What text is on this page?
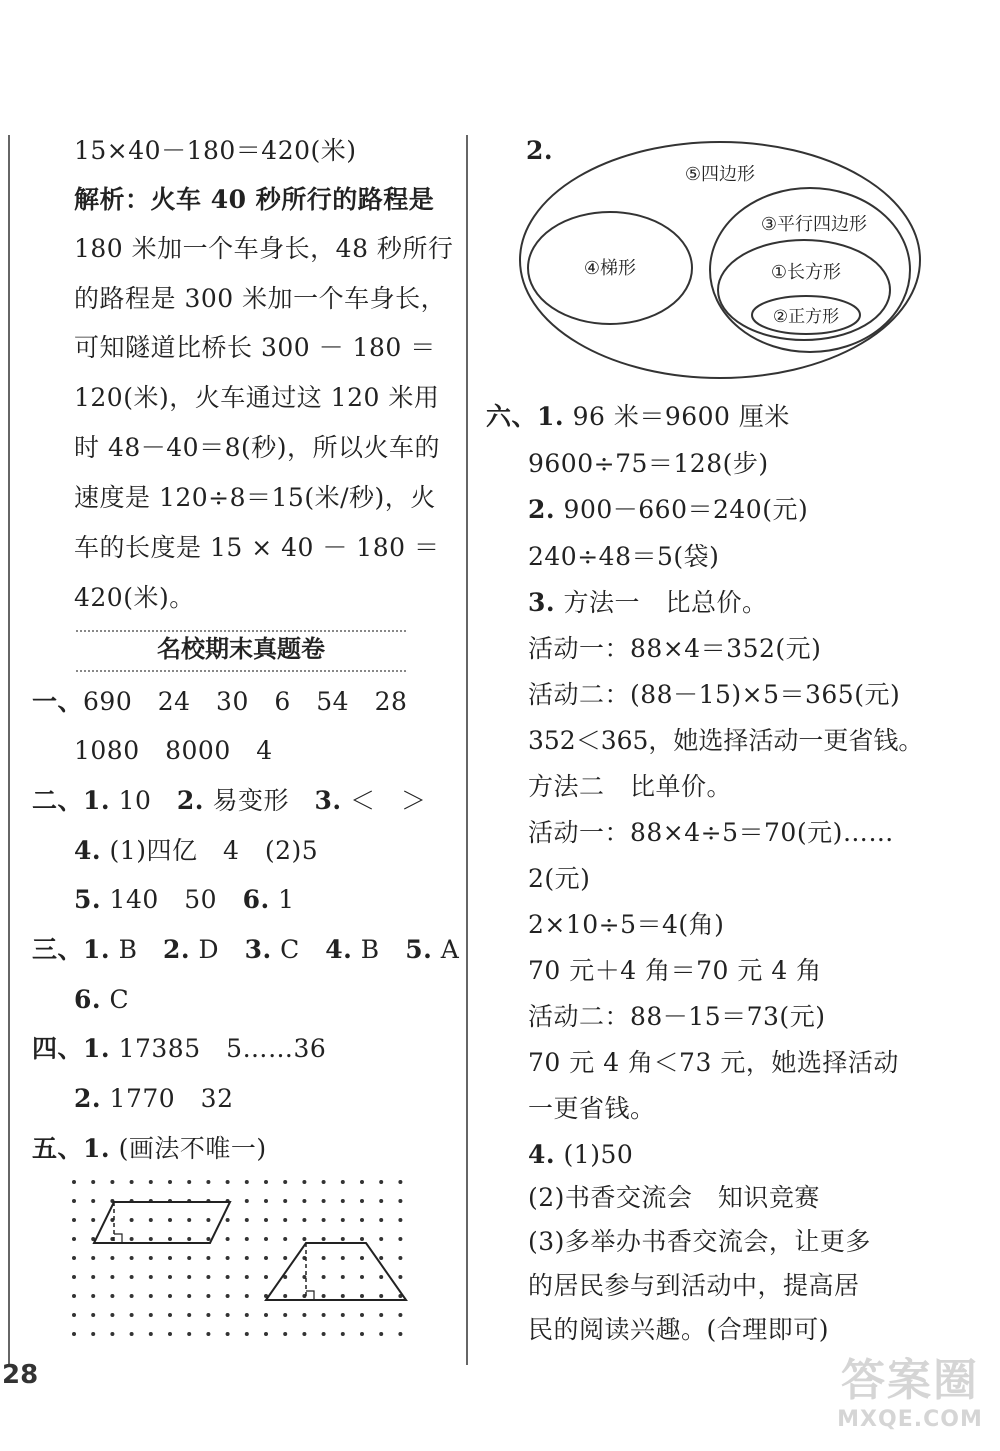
15×40－180＝420(米)
解析：火车 40 秒所行的路程是
180 米加一个车身长，48 秒所行
的路程是 300 米加一个车身长，
可知隧道比桥长 300 － 180 ＝
120(米)，火车通过这 120 米用
时 48－40＝8(秒)，所以火车的
速度是 120÷8＝15(米/秒)，火
车的长度是 15 × 40 － 180 ＝
420(米)。
名校期末真题卷
一、690　24　30　6　54　28
1080　8000　4
二、1. 10　2. 易变形　3. ＜　＞
4. (1)四亿　4　(2)5
5. 140　50　6. 1
三、1. B　2. D　3. C　4. B　5. A
6. C
四、1. 17385　5……36
2. 1770　32
五、1. (画法不唯一)
2.
⑤四边形
④梯形
③平行四边形
①长方形
②正方形
六、1. 96 米＝9600 厘米
9600÷75＝128(步)
2. 900－660＝240(元)
240÷48＝5(袋)
3. 方法一　比总价。
活动一：88×4＝352(元)
活动二：(88－15)×5＝365(元)
352＜365，她选择活动一更省钱。
方法二　比单价。
活动一：88×4÷5＝70(元)……
2(元)
2×10÷5＝4(角)
70 元＋4 角＝70 元 4 角
活动二：88－15＝73(元)
70 元 4 角＜73 元，她选择活动
一更省钱。
4. (1)50
(2)书香交流会　知识竞赛
(3)多举办书香交流会，让更多
的居民参与到活动中，提高居
民的阅读兴趣。(合理即可)
28	答案圈
MXQE.COM
